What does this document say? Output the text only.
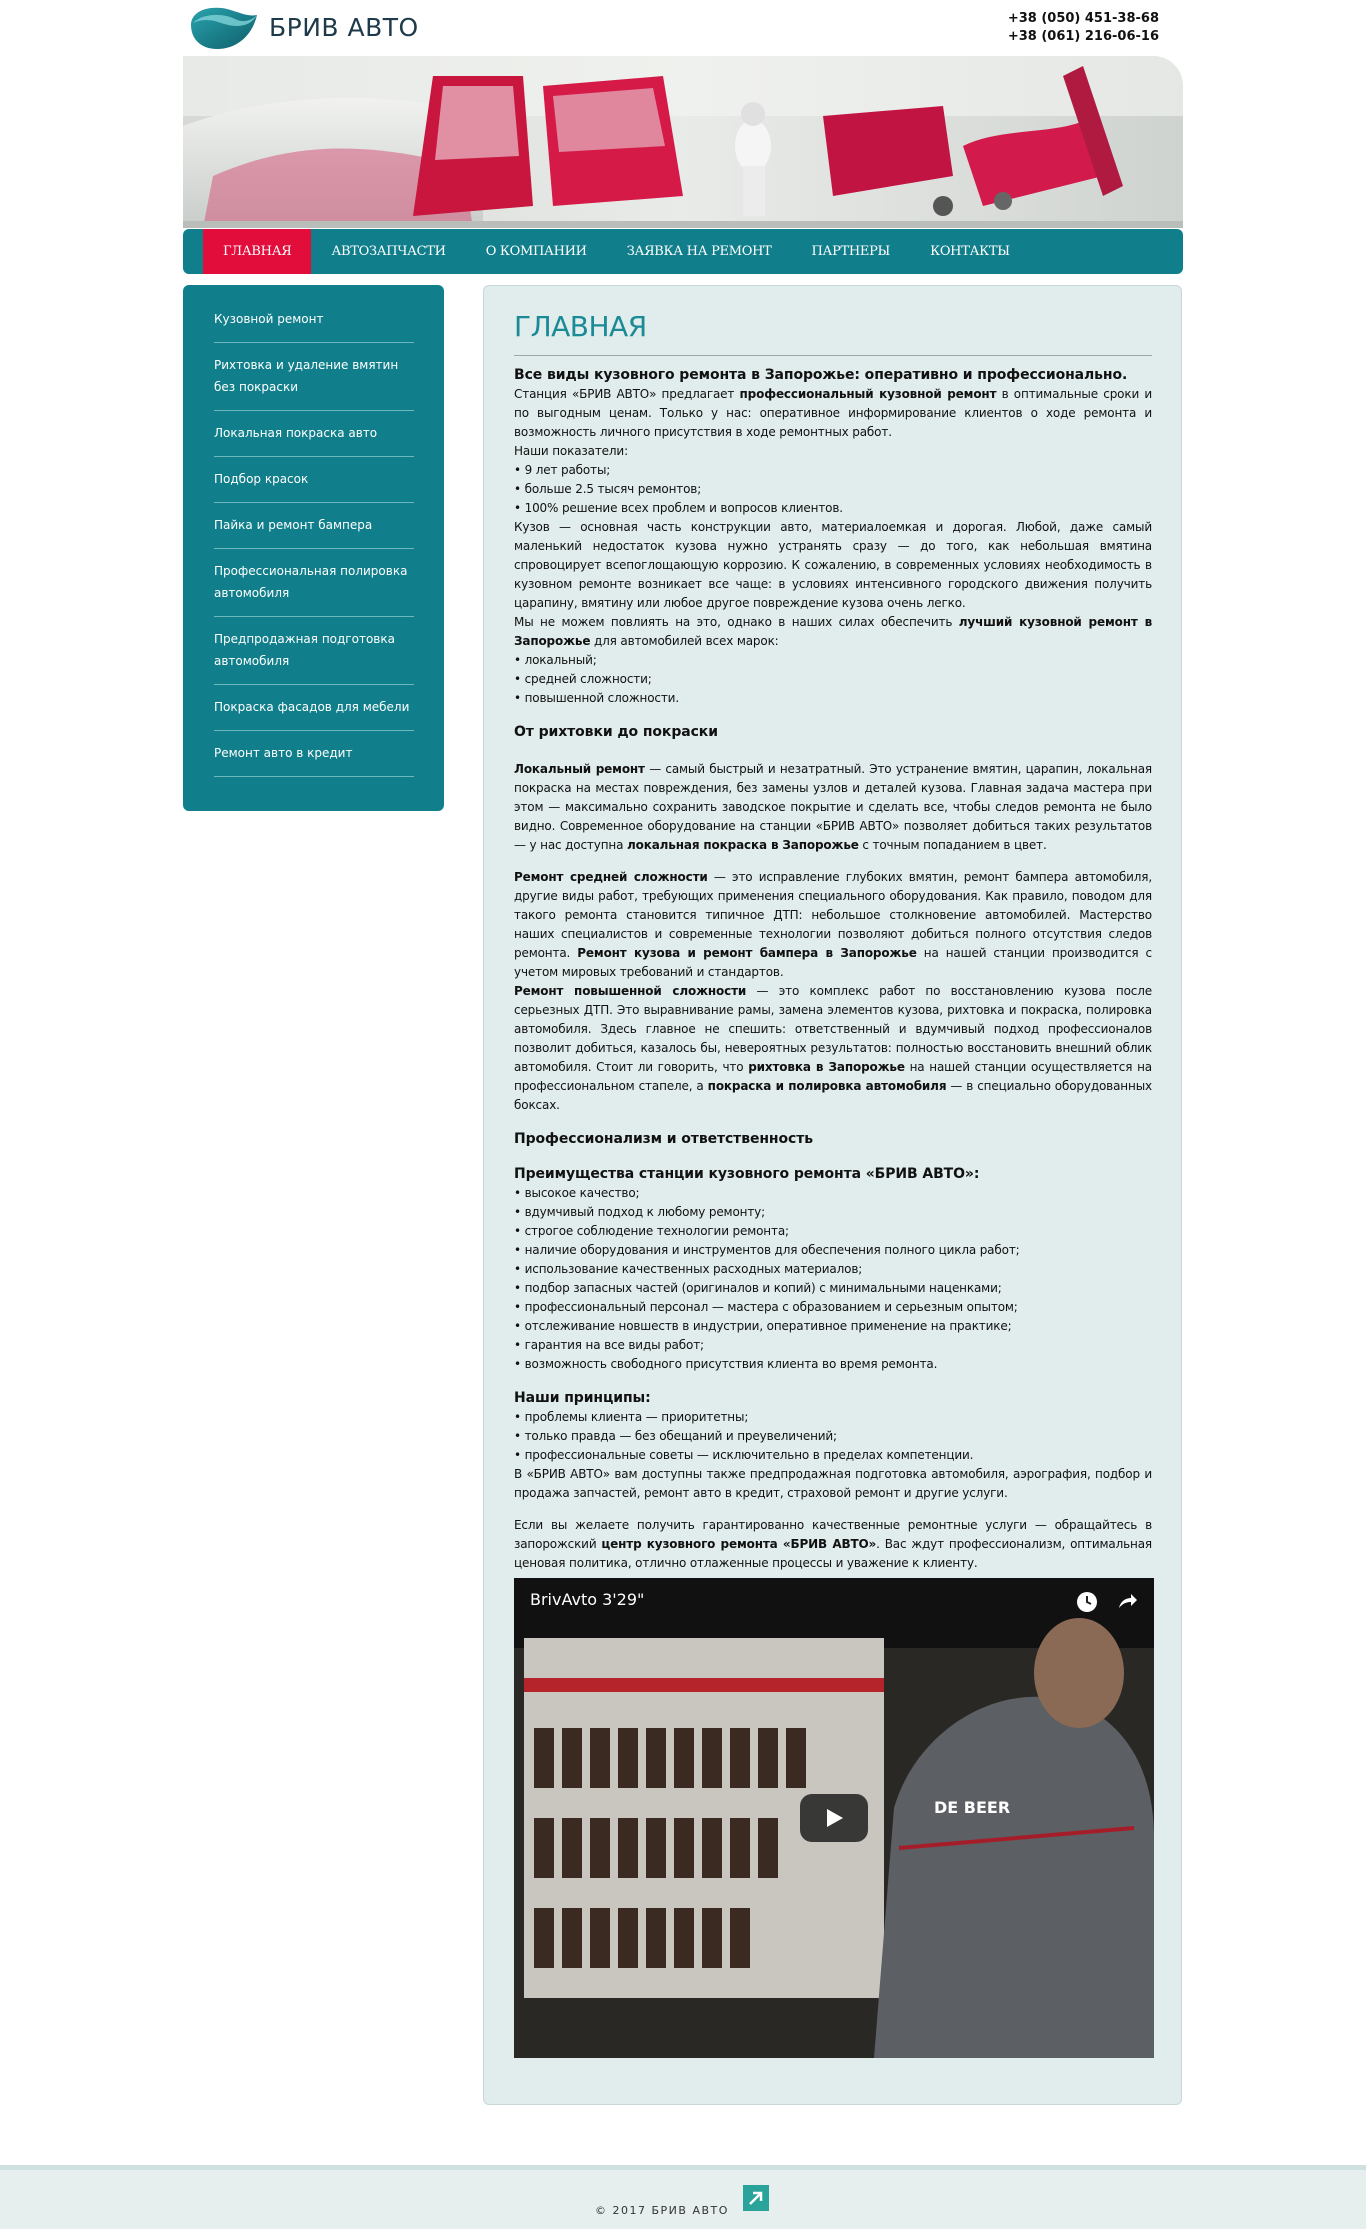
БРИВ АВТО	+38 (050) 451-38-68
+38 (061) 216-06-16
ГЛАВНАЯ	АВТОЗАПЧАСТИ	О КОМПАНИИ	ЗАЯВКА НА РЕМОНТ	ПАРТНЕРЫ	КОНТАКТЫ
Кузовной ремонт
Рихтовка и удаление вмятин без покраски
Локальная покраска авто
Подбор красок
Пайка и ремонт бампера
Профессиональная полировка автомобиля
Предпродажная подготовка автомобиля
Покраска фасадов для мебели
Ремонт авто в кредит
ГЛАВНАЯ

Все виды кузовного ремонта в Запорожье: оперативно и профессионально.

Станция «БРИВ АВТО» предлагает профессиональный кузовной ремонт в оптимальные сроки и по выгодным ценам. Только у нас: оперативное информирование клиентов о ходе ремонта и возможность личного присутствия в ходе ремонтных работ.

Наши показатели:

• 9 лет работы;

• больше 2.5 тысяч ремонтов;

• 100% решение всех проблем и вопросов клиентов.

Кузов — основная часть конструкции авто, материалоемкая и дорогая. Любой, даже самый маленький недостаток кузова нужно устранять сразу — до того, как небольшая вмятина спровоцирует всепоглощающую коррозию. К сожалению, в современных условиях необходимость в кузовном ремонте возникает все чаще: в условиях интенсивного городского движения получить царапину, вмятину или любое другое повреждение кузова очень легко.

Мы не можем повлиять на это, однако в наших силах обеспечить лучший кузовной ремонт в Запорожье для автомобилей всех марок:

• локальный;

• средней сложности;

• повышенной сложности.

От рихтовки до покраски

Локальный ремонт — самый быстрый и незатратный. Это устранение вмятин, царапин, локальная покраска на местах повреждения, без замены узлов и деталей кузова. Главная задача мастера при этом — максимально сохранить заводское покрытие и сделать все, чтобы следов ремонта не было видно. Современное оборудование на станции «БРИВ АВТО» позволяет добиться таких результатов — у нас доступна локальная покраска в Запорожье с точным попаданием в цвет.

Ремонт средней сложности — это исправление глубоких вмятин, ремонт бампера автомобиля, другие виды работ, требующих применения специального оборудования. Как правило, поводом для такого ремонта становится типичное ДТП: небольшое столкновение автомобилей. Мастерство наших специалистов и современные технологии позволяют добиться полного отсутствия следов ремонта. Ремонт кузова и ремонт бампера в Запорожье на нашей станции производится с учетом мировых требований и стандартов.

Ремонт повышенной сложности — это комплекс работ по восстановлению кузова после серьезных ДТП. Это выравнивание рамы, замена элементов кузова, рихтовка и покраска, полировка автомобиля. Здесь главное не спешить: ответственный и вдумчивый подход профессионалов позволит добиться, казалось бы, невероятных результатов: полностью восстановить внешний облик автомобиля. Стоит ли говорить, что рихтовка в Запорожье на нашей станции осуществляется на профессиональном стапеле, а покраска и полировка автомобиля — в специально оборудованных боксах.

Профессионализм и ответственность

Преимущества станции кузовного ремонта «БРИВ АВТО»:

• высокое качество;

• вдумчивый подход к любому ремонту;

• строгое соблюдение технологии ремонта;

• наличие оборудования и инструментов для обеспечения полного цикла работ;

• использование качественных расходных материалов;

• подбор запасных частей (оригиналов и копий) с минимальными наценками;

• профессиональный персонал — мастера с образованием и серьезным опытом;

• отслеживание новшеств в индустрии, оперативное применение на практике;

• гарантия на все виды работ;

• возможность свободного присутствия клиента во время ремонта.

Наши принципы:

• проблемы клиента — приоритетны;

• только правда — без обещаний и преувеличений;

• профессиональные советы — исключительно в пределах компетенции.

В «БРИВ АВТО» вам доступны также предпродажная подготовка автомобиля, аэрография, подбор и продажа запчастей, ремонт авто в кредит, страховой ремонт и другие услуги.

Если вы желаете получить гарантированно качественные ремонтные услуги — обращайтесь в запорожский центр кузовного ремонта «БРИВ АВТО». Вас ждут профессионализм, оптимальная ценовая политика, отлично отлаженные процессы и уважение к клиенту.

DE BEER
BrivAvto 3'29"
© 2017 БРИВ АВТО
